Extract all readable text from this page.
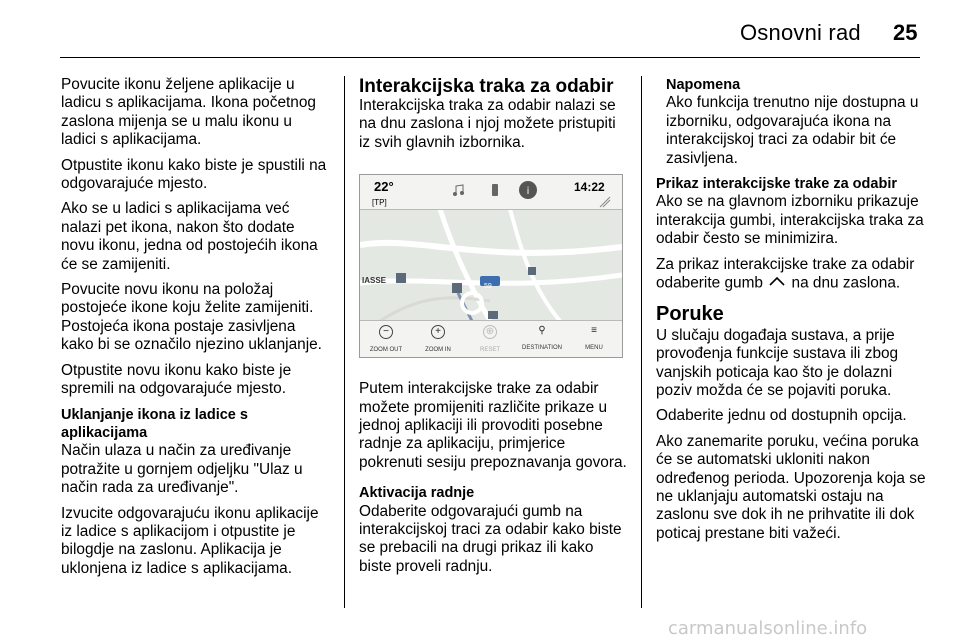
Osnovni rad 25

Povucite ikonu željene aplikacije u ladicu s aplikacijama. Ikona početnog zaslona mijenja se u malu ikonu u ladici s aplikacijama.

Otpustite ikonu kako biste je spustili na odgovarajuće mjesto.

Ako se u ladici s aplikacijama već nalazi pet ikona, nakon što dodate novu ikonu, jedna od postojećih ikona će se zamijeniti.

Povucite novu ikonu na položaj postojeće ikone koju želite zamijeniti. Postojeća ikona postaje zasivljena kako bi se označilo njezino uklanjanje.

Otpustite novu ikonu kako biste je spremili na odgovarajuće mjesto.

Uklanjanje ikona iz ladice s aplikacijama

Način ulaza u način za uređivanje potražite u gornjem odjeljku "Ulaz u način rada za uređivanje".

Izvucite odgovarajuću ikonu aplikacije iz ladice s aplikacijom i otpustite je bilogdje na zaslonu. Aplikacija je uklonjena iz ladice s aplikacijama.

Interakcijska traka za odabir

Interakcijska traka za odabir nalazi se na dnu zaslona i njoj možete pristupiti iz svih glavnih izbornika.

22°
[TP]
i	14:22
IASSE
59
−
ZOOM OUT
+
ZOOM IN
⊕
RESET
⚲
DESTINATION
≡
MENU

Putem interakcijske trake za odabir možete promijeniti različite prikaze u jednoj aplikaciji ili provoditi posebne radnje za aplikaciju, primjerice pokrenuti sesiju prepoznavanja govora.

Aktivacija radnje

Odaberite odgovarajući gumb na interakcijskoj traci za odabir kako biste se prebacili na drugi prikaz ili kako biste proveli radnju.

Napomena

Ako funkcija trenutno nije dostupna u izborniku, odgovarajuća ikona na interakcijskoj traci za odabir bit će zasivljena.

Prikaz interakcijske trake za odabir

Ako se na glavnom izborniku prikazuje interakcija gumbi, interakcijska traka za odabir često se minimizira.

Za prikaz interakcijske trake za odabir odaberite gumb na dnu zaslona.

Poruke

U slučaju događaja sustava, a prije provođenja funkcije sustava ili zbog vanjskih poticaja kao što je dolazni poziv možda će se pojaviti poruka.

Odaberite jednu od dostupnih opcija.

Ako zanemarite poruku, većina poruka će se automatski ukloniti nakon određenog perioda. Upozorenja koja se ne uklanjaju automatski ostaju na zaslonu sve dok ih ne prihvatite ili dok poticaj prestane biti važeći.

carmanualsonline.info
